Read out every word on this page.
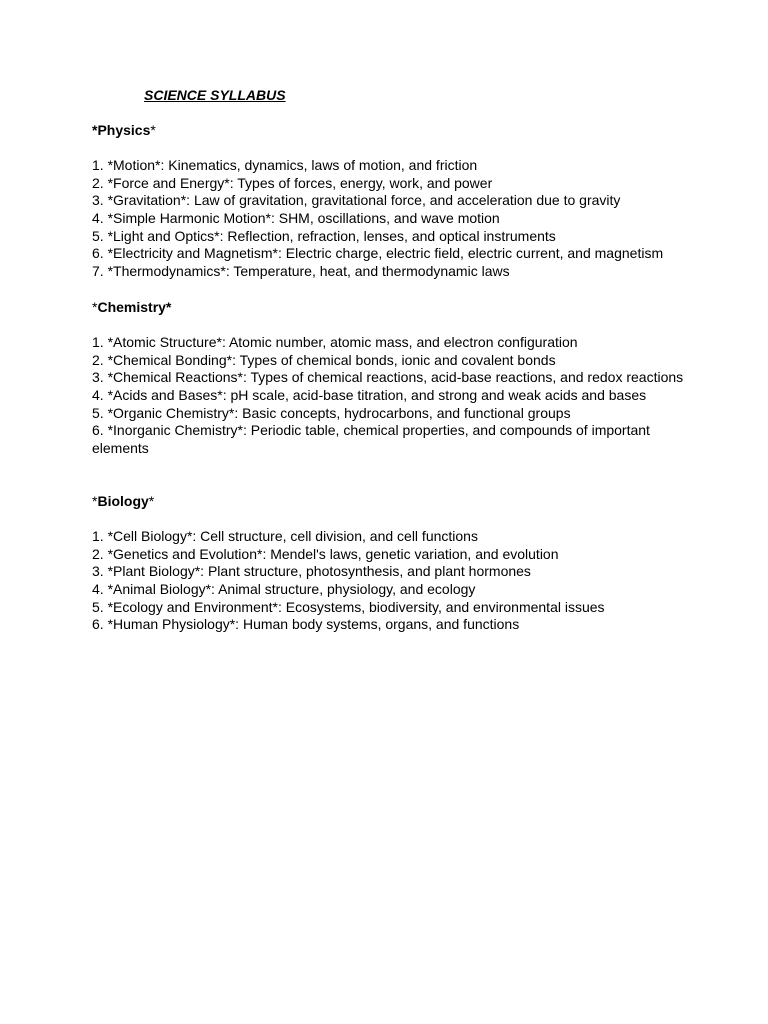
SCIENCE SYLLABUS
*Physics*
1. *Motion*: Kinematics, dynamics, laws of motion, and friction
2. *Force and Energy*: Types of forces, energy, work, and power
3. *Gravitation*: Law of gravitation, gravitational force, and acceleration due to gravity
4. *Simple Harmonic Motion*: SHM, oscillations, and wave motion
5. *Light and Optics*: Reflection, refraction, lenses, and optical instruments
6. *Electricity and Magnetism*: Electric charge, electric field, electric current, and magnetism
7. *Thermodynamics*: Temperature, heat, and thermodynamic laws
*Chemistry*
1. *Atomic Structure*: Atomic number, atomic mass, and electron configuration
2. *Chemical Bonding*: Types of chemical bonds, ionic and covalent bonds
3. *Chemical Reactions*: Types of chemical reactions, acid-base reactions, and redox reactions
4. *Acids and Bases*: pH scale, acid-base titration, and strong and weak acids and bases
5. *Organic Chemistry*: Basic concepts, hydrocarbons, and functional groups
6. *Inorganic Chemistry*: Periodic table, chemical properties, and compounds of important elements
*Biology*
1. *Cell Biology*: Cell structure, cell division, and cell functions
2. *Genetics and Evolution*: Mendel's laws, genetic variation, and evolution
3. *Plant Biology*: Plant structure, photosynthesis, and plant hormones
4. *Animal Biology*: Animal structure, physiology, and ecology
5. *Ecology and Environment*: Ecosystems, biodiversity, and environmental issues
6. *Human Physiology*: Human body systems, organs, and functions
